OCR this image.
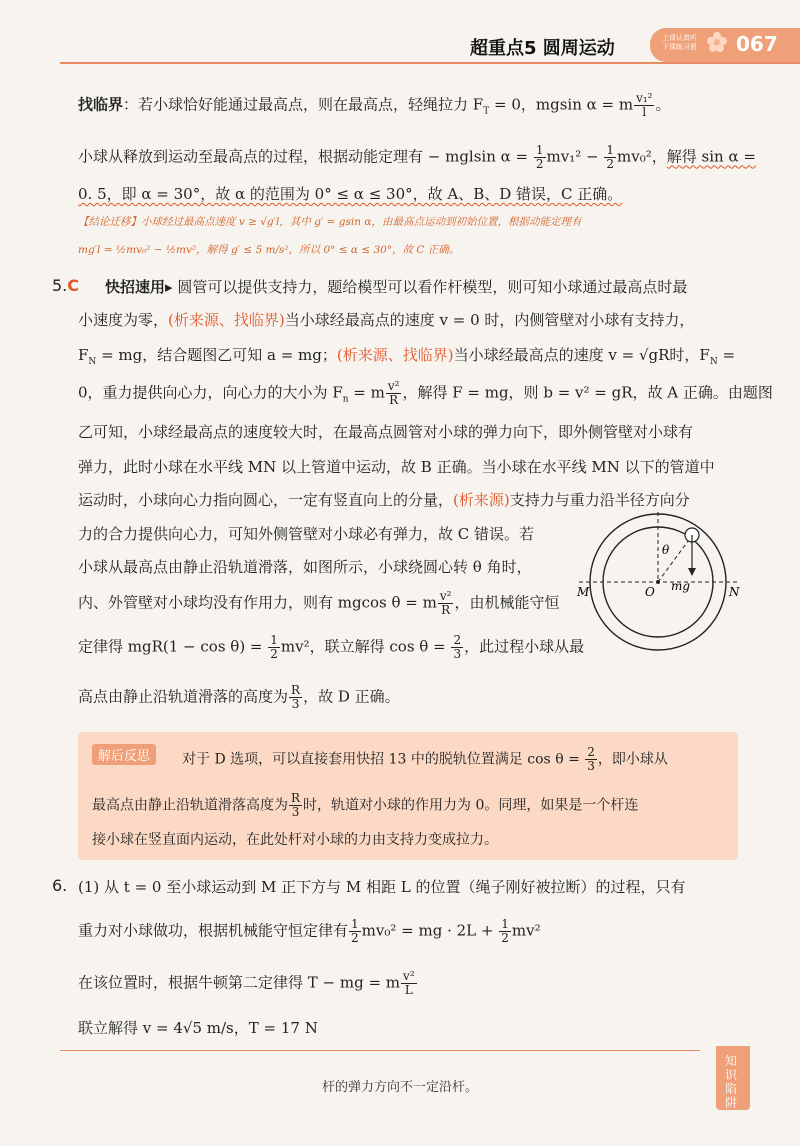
超重点5 圆周运动	上课认真听
下课练习册 067
找临界：若小球恰好能通过最高点，则在最高点，轻绳拉力 $F_T = 0$，mgsin α = m $\frac{\text{v₁²}}{l}$ 。
小球从释放到运动至最高点的过程，根据动能定理有 − mglsin $\alpha = \frac{1}{2} mv_1^2 - \frac{1}{2} mv_0^2$，解得 sin α =
0. 5，即 α = 30°，故 α 的范围为 0° ≤ α ≤ 30°，故 A、B、D 错误，C 正确。
【结论迁移】小球经过最高点速度 v ≥ √g′l，其中 g′ = gsin α，由最高点运动到初始位置，根据动能定理有
mg′l = ½mv₀² − ½mv²，解得 g′ ≤ 5 m/s²，所以 0° ≤ α ≤ 30°，故 C 正确。
5.C 快招速用▸ 圆管可以提供支持力，题给模型可以看作杆模型，则可知小球通过最高点时最
小速度为零，(析来源、找临界)当小球经最高点的速度 v = 0 时，内侧管壁对小球有支持力，
$F_N$ = mg，结合题图乙可知 a = mg；(析来源、找临界)当小球经最高点的速度 v = √gR时，$F_N$ =
0，重力提供向心力，向心力的大小为 $F_n = m \frac{\text{v²}}{R}$ ，解得 F = mg，则 b = v² = gR，故 A 正确。由题图
乙可知，小球经最高点的速度较大时，在最高点圆管对小球的弹力向下，即外侧管壁对小球有
弹力，此时小球在水平线 MN 以上管道中运动，故 B 正确。当小球在水平线 MN 以下的管道中
运动时，小球向心力指向圆心，一定有竖直向上的分量，(析来源)支持力与重力沿半径方向分
力的合力提供向心力，可知外侧管壁对小球必有弹力，故 C 错误。若
小球从最高点由静止沿轨道滑落，如图所示，小球绕圆心转 θ 角时，
内、外管壁对小球均没有作用力，则有 mgcos θ = m $\frac{\text{v²}}{R}$ ，由机械能守恒
定律得 $mgR(1 - \cos \theta) = \frac{1}{2} mv^2$，联立解得 $\cos \theta = \frac{2}{3}$ ，此过程小球从最
高点由静止沿轨道滑落的高度为 $\frac{R}{3}$ ，故 D 正确。
θ
mg
O
M	N
解后反思	对于 D 选项，可以直接套用快招 13 中的脱轨位置满足 $\cos \theta = \frac{2}{3}$ ，即小球从
最高点由静止沿轨道滑落高度为 $\frac{R}{3}$ 时，轨道对小球的作用力为 0。同理，如果是一个杆连
接小球在竖直面内运动，在此处杆对小球的力由支持力变成拉力。
6. (1) 从 t = 0 至小球运动到 M 正下方与 M 相距 L 的位置（绳子刚好被拉断）的过程，只有
重力对小球做功，根据机械能守恒定律有 $\frac{1}{2} mv_0^2$ = mg · $2L + \frac{1}{2} mv^2$
在该位置时，根据牛顿第二定律得 T − mg = m $\frac{\text{v²}}{L}$
联立解得 v = 4√5 m/s，T = 17 N
知识陷阱
杆的弹力方向不一定沿杆。
